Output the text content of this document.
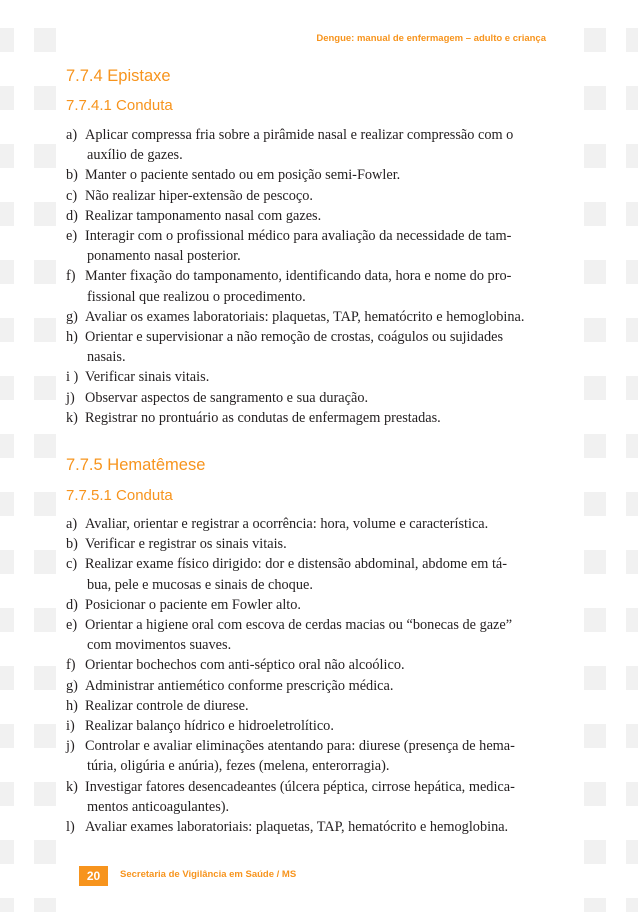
Dengue: manual de enfermagem – adulto e criança
7.7.4 Epistaxe
7.7.4.1 Conduta
a) Aplicar compressa fria sobre a pirâmide nasal e realizar compressão com o
auxílio de gazes.
b) Manter o paciente sentado ou em posição semi-Fowler.
c) Não realizar hiper-extensão de pescoço.
d) Realizar tamponamento nasal com gazes.
e) Interagir com o profissional médico para avaliação da necessidade de tam-
ponamento nasal posterior.
f) Manter fixação do tamponamento, identificando data, hora e nome do pro-
fissional que realizou o procedimento.
g) Avaliar os exames laboratoriais: plaquetas, TAP, hematócrito e hemoglobina.
h) Orientar e supervisionar a não remoção de crostas, coágulos ou sujidades
nasais.
i ) Verificar sinais vitais.
j) Observar aspectos de sangramento e sua duração.
k) Registrar no prontuário as condutas de enfermagem prestadas.
7.7.5 Hematêmese
7.7.5.1 Conduta
a) Avaliar, orientar e registrar a ocorrência: hora, volume e característica.
b) Verificar e registrar os sinais vitais.
c) Realizar exame físico dirigido: dor e distensão abdominal, abdome em tá-
bua, pele e mucosas e sinais de choque.
d) Posicionar o paciente em Fowler alto.
e) Orientar a higiene oral com escova de cerdas macias ou “bonecas de gaze”
com movimentos suaves.
f) Orientar bochechos com anti-séptico oral não alcoólico.
g) Administrar antiemético conforme prescrição médica.
h) Realizar controle de diurese.
i) Realizar balanço hídrico e hidroeletrolítico.
j) Controlar e avaliar eliminações atentando para: diurese (presença de hema-
túria, oligúria e anúria), fezes (melena, enterorragia).
k) Investigar fatores desencadeantes (úlcera péptica, cirrose hepática, medica-
mentos anticoagulantes).
l) Avaliar exames laboratoriais: plaquetas, TAP, hematócrito e hemoglobina.
20	Secretaria de Vigilância em Saúde / MS
